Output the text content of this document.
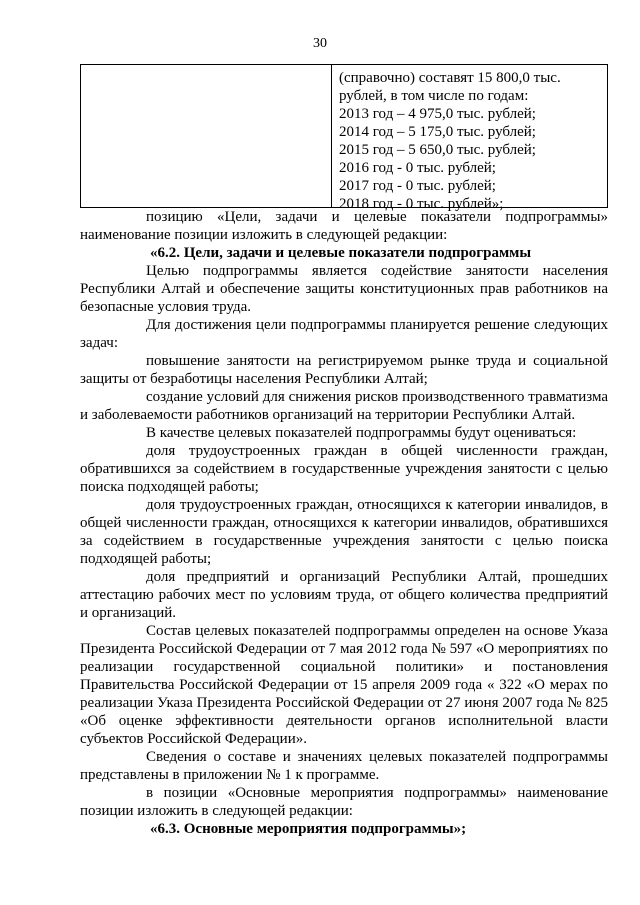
30
(справочно) составят 15 800,0 тыс.
рублей, в том числе по годам:
2013 год – 4 975,0 тыс. рублей;
2014 год – 5 175,0 тыс. рублей;
2015 год – 5 650,0 тыс. рублей;
2016 год - 0 тыс. рублей;
2017 год - 0 тыс. рублей;
2018 год - 0 тыс. рублей»;

позицию «Цели, задачи и целевые показатели подпрограммы» наименование позиции изложить в следующей редакции:

«6.2. Цели, задачи и целевые показатели подпрограммы

Целью подпрограммы является содействие занятости населения Республики Алтай и обеспечение защиты конституционных прав работников на безопасные условия труда.

Для достижения цели подпрограммы планируется решение следующих задач:

повышение занятости на регистрируемом рынке труда и социальной защиты от безработицы населения Республики Алтай;

создание условий для снижения рисков производственного травматизма и заболеваемости работников организаций на территории Республики Алтай.

В качестве целевых показателей подпрограммы будут оцениваться:

доля трудоустроенных граждан в общей численности граждан, обратившихся за содействием в государственные учреждения занятости с целью поиска подходящей работы;

доля трудоустроенных граждан, относящихся к категории инвалидов, в общей численности граждан, относящихся к категории инвалидов, обратившихся за содействием в государственные учреждения занятости с целью поиска подходящей работы;

доля предприятий и организаций Республики Алтай, прошедших аттестацию рабочих мест по условиям труда, от общего количества предприятий и организаций.

Состав целевых показателей подпрограммы определен на основе Указа Президента Российской Федерации от 7 мая 2012 года № 597 «О мероприятиях по реализации государственной социальной политики» и постановления Правительства Российской Федерации от 15 апреля 2009 года « 322 «О мерах по реализации Указа Президента Российской Федерации от 27 июня 2007 года № 825 «Об оценке эффективности деятельности органов исполнительной власти субъектов Российской Федерации».

Сведения о составе и значениях целевых показателей подпрограммы представлены в приложении № 1 к программе.

в позиции «Основные мероприятия подпрограммы» наименование позиции изложить в следующей редакции:

«6.3. Основные мероприятия подпрограммы»;
